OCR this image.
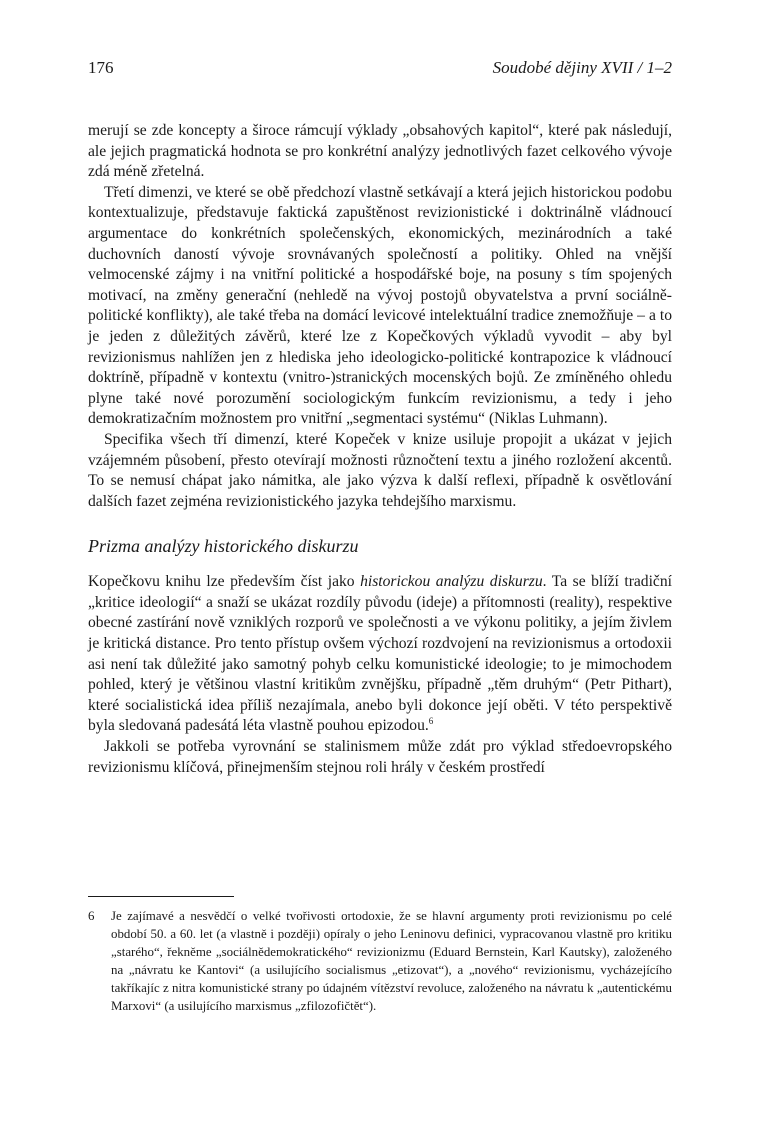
176	Soudobé dějiny XVII / 1–2

merují se zde koncepty a široce rámcují výklady „obsahových kapitol“, které pak následují, ale jejich pragmatická hodnota se pro konkrétní analýzy jednotlivých fazet celkového vývoje zdá méně zřetelná.

Třetí dimenzi, ve které se obě předchozí vlastně setkávají a která jejich historickou podobu kontextualizuje, představuje faktická zapuštěnost revizionistické i doktrinálně vládnoucí argumentace do konkrétních společenských, ekonomických, mezinárodních a také duchovních daností vývoje srovnávaných společností a politiky. Ohled na vnější velmocenské zájmy i na vnitřní politické a hospodářské boje, na posuny s tím spojených motivací, na změny generační (nehledě na vývoj postojů obyvatelstva a první sociálně-politické konflikty), ale také třeba na domácí levicové intelektuální tradice znemožňuje – a to je jeden z důležitých závěrů, které lze z Kopečkových výkladů vyvodit – aby byl revizionismus nahlížen jen z hlediska jeho ideologicko-politické kontrapozice k vládnoucí doktríně, případně v kontextu (vnitro-)stranických mocenských bojů. Ze zmíněného ohledu plyne také nové porozumění sociologickým funkcím revizionismu, a tedy i jeho demokratizačním možnostem pro vnitřní „segmentaci systému“ (Niklas Luhmann).

Specifika všech tří dimenzí, které Kopeček v knize usiluje propojit a ukázat v jejich vzájemném působení, přesto otevírají možnosti různočtení textu a jiného rozložení akcentů. To se nemusí chápat jako námitka, ale jako výzva k další reflexi, případně k osvětlování dalších fazet zejména revizionistického jazyka tehdejšího marxismu.

Prizma analýzy historického diskurzu

Kopečkovu knihu lze především číst jako historickou analýzu diskurzu. Ta se blíží tradiční „kritice ideologií“ a snaží se ukázat rozdíly původu (ideje) a přítomnosti (reality), respektive obecné zastírání nově vzniklých rozporů ve společnosti a ve výkonu politiky, a jejím živlem je kritická distance. Pro tento přístup ovšem výchozí rozdvojení na revizionismus a ortodoxii asi není tak důležité jako samotný pohyb celku komunistické ideologie; to je mimochodem pohled, který je většinou vlastní kritikům zvnějšku, případně „těm druhým“ (Petr Pithart), které socialistická idea příliš nezajímala, anebo byli dokonce její oběti. V této perspektivě byla sledovaná padesátá léta vlastně pouhou epizodou.$^6$

Jakkoli se potřeba vyrovnání se stalinismem může zdát pro výklad středoevropského revizionismu klíčová, přinejmenším stejnou roli hrály v českém prostředí

6 Je zajímavé a nesvědčí o velké tvořivosti ortodoxie, že se hlavní argumenty proti revizionismu po celé období 50. a 60. let (a vlastně i později) opíraly o jeho Leninovu definici, vypracovanou vlastně pro kritiku „starého“, řekněme „sociálnědemokratického“ revizionizmu (Eduard Bernstein, Karl Kautsky), založeného na „návratu ke Kantovi“ (a usilujícího socialismus „etizovat“), a „nového“ revizionismu, vycházejícího takříkajíc z nitra komunistické strany po údajném vítězství revoluce, založeného na návratu k „autentickému Marxovi“ (a usilujícího marxismus „zfilozofičtět“).
